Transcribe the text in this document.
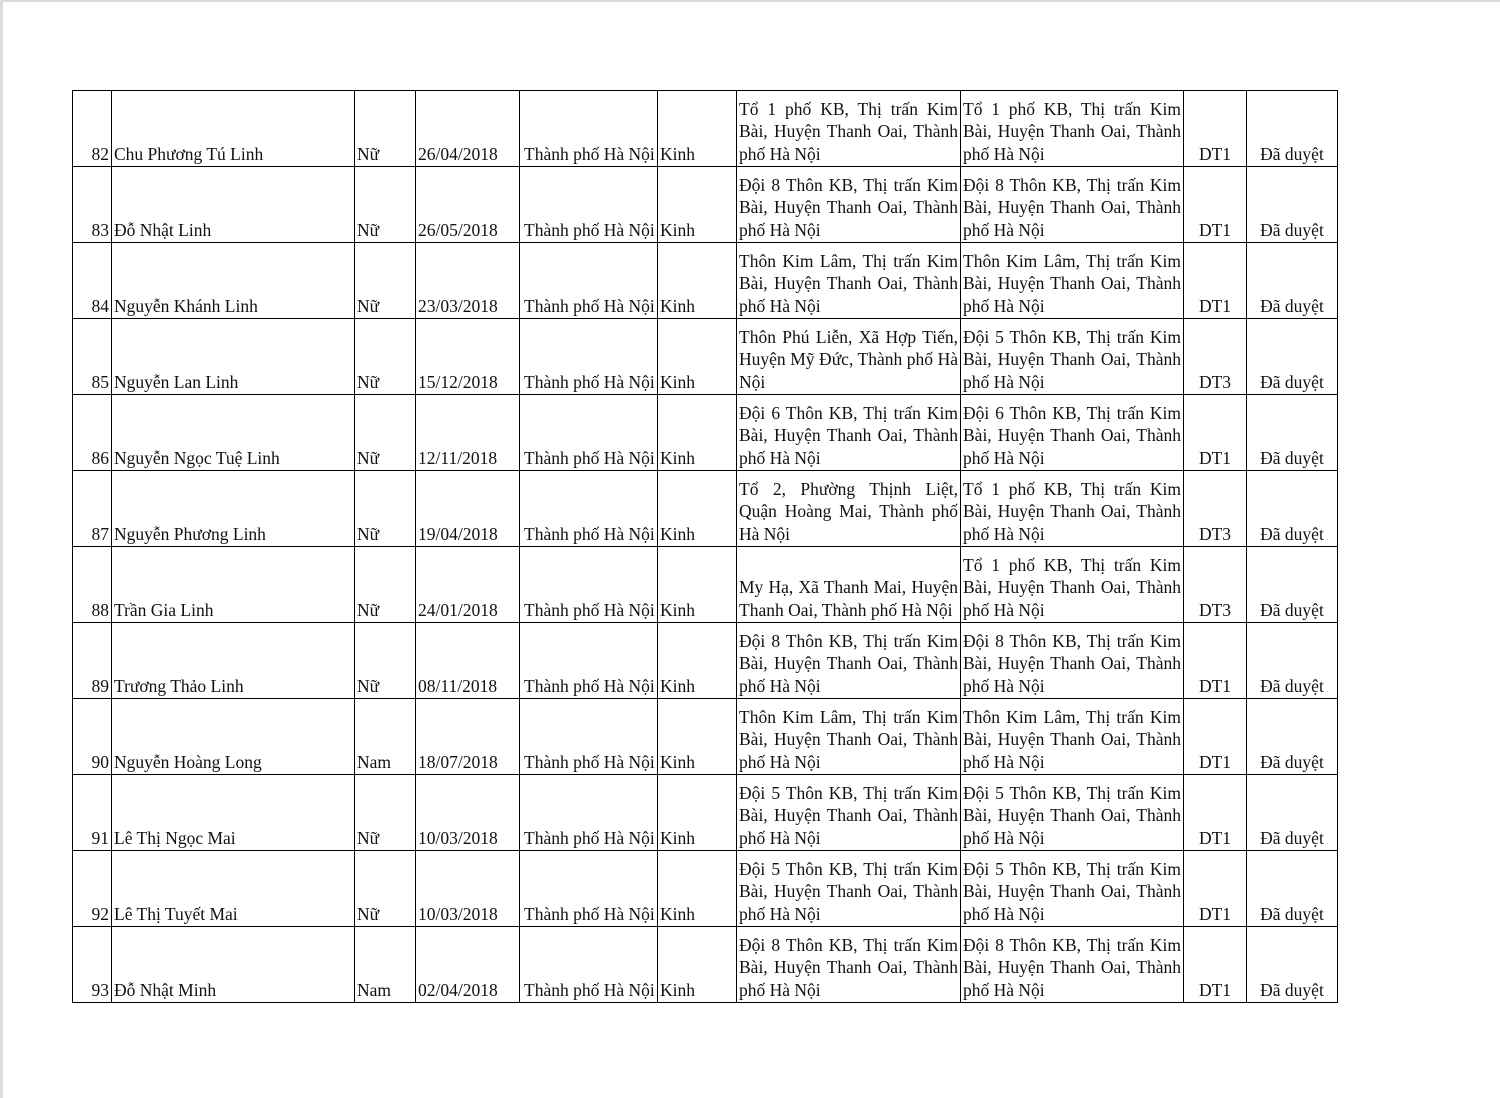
82	Chu Phương Tú Linh	Nữ	26/04/2018	Thành phố Hà Nội	Kinh	Tổ 1 phố KB, Thị trấn Kim Bài, Huyện Thanh Oai, Thành phố Hà Nội	Tổ 1 phố KB, Thị trấn Kim Bài, Huyện Thanh Oai, Thành phố Hà Nội	DT1	Đã duyệt
83	Đỗ Nhật Linh	Nữ	26/05/2018	Thành phố Hà Nội	Kinh	Đội 8 Thôn KB, Thị trấn Kim Bài, Huyện Thanh Oai, Thành phố Hà Nội	Đội 8 Thôn KB, Thị trấn Kim Bài, Huyện Thanh Oai, Thành phố Hà Nội	DT1	Đã duyệt
84	Nguyễn Khánh Linh	Nữ	23/03/2018	Thành phố Hà Nội	Kinh	Thôn Kim Lâm, Thị trấn Kim Bài, Huyện Thanh Oai, Thành phố Hà Nội	Thôn Kim Lâm, Thị trấn Kim Bài, Huyện Thanh Oai, Thành phố Hà Nội	DT1	Đã duyệt
85	Nguyễn Lan Linh	Nữ	15/12/2018	Thành phố Hà Nội	Kinh	Thôn Phú Liễn, Xã Hợp Tiến, Huyện Mỹ Đức, Thành phố Hà Nội	Đội 5 Thôn KB, Thị trấn Kim Bài, Huyện Thanh Oai, Thành phố Hà Nội	DT3	Đã duyệt
86	Nguyễn Ngọc Tuệ Linh	Nữ	12/11/2018	Thành phố Hà Nội	Kinh	Đội 6 Thôn KB, Thị trấn Kim Bài, Huyện Thanh Oai, Thành phố Hà Nội	Đội 6 Thôn KB, Thị trấn Kim Bài, Huyện Thanh Oai, Thành phố Hà Nội	DT1	Đã duyệt
87	Nguyễn Phương Linh	Nữ	19/04/2018	Thành phố Hà Nội	Kinh	Tổ 2, Phường Thịnh Liệt, Quận Hoàng Mai, Thành phố Hà Nội	Tổ 1 phố KB, Thị trấn Kim Bài, Huyện Thanh Oai, Thành phố Hà Nội	DT3	Đã duyệt
88	Trần Gia Linh	Nữ	24/01/2018	Thành phố Hà Nội	Kinh	My Hạ, Xã Thanh Mai, Huyện Thanh Oai, Thành phố Hà Nội	Tổ 1 phố KB, Thị trấn Kim Bài, Huyện Thanh Oai, Thành phố Hà Nội	DT3	Đã duyệt
89	Trương Thảo Linh	Nữ	08/11/2018	Thành phố Hà Nội	Kinh	Đội 8 Thôn KB, Thị trấn Kim Bài, Huyện Thanh Oai, Thành phố Hà Nội	Đội 8 Thôn KB, Thị trấn Kim Bài, Huyện Thanh Oai, Thành phố Hà Nội	DT1	Đã duyệt
90	Nguyễn Hoàng Long	Nam	18/07/2018	Thành phố Hà Nội	Kinh	Thôn Kim Lâm, Thị trấn Kim Bài, Huyện Thanh Oai, Thành phố Hà Nội	Thôn Kim Lâm, Thị trấn Kim Bài, Huyện Thanh Oai, Thành phố Hà Nội	DT1	Đã duyệt
91	Lê Thị Ngọc Mai	Nữ	10/03/2018	Thành phố Hà Nội	Kinh	Đội 5 Thôn KB, Thị trấn Kim Bài, Huyện Thanh Oai, Thành phố Hà Nội	Đội 5 Thôn KB, Thị trấn Kim Bài, Huyện Thanh Oai, Thành phố Hà Nội	DT1	Đã duyệt
92	Lê Thị Tuyết Mai	Nữ	10/03/2018	Thành phố Hà Nội	Kinh	Đội 5 Thôn KB, Thị trấn Kim Bài, Huyện Thanh Oai, Thành phố Hà Nội	Đội 5 Thôn KB, Thị trấn Kim Bài, Huyện Thanh Oai, Thành phố Hà Nội	DT1	Đã duyệt
93	Đỗ Nhật Minh	Nam	02/04/2018	Thành phố Hà Nội	Kinh	Đội 8 Thôn KB, Thị trấn Kim Bài, Huyện Thanh Oai, Thành phố Hà Nội	Đội 8 Thôn KB, Thị trấn Kim Bài, Huyện Thanh Oai, Thành phố Hà Nội	DT1	Đã duyệt
